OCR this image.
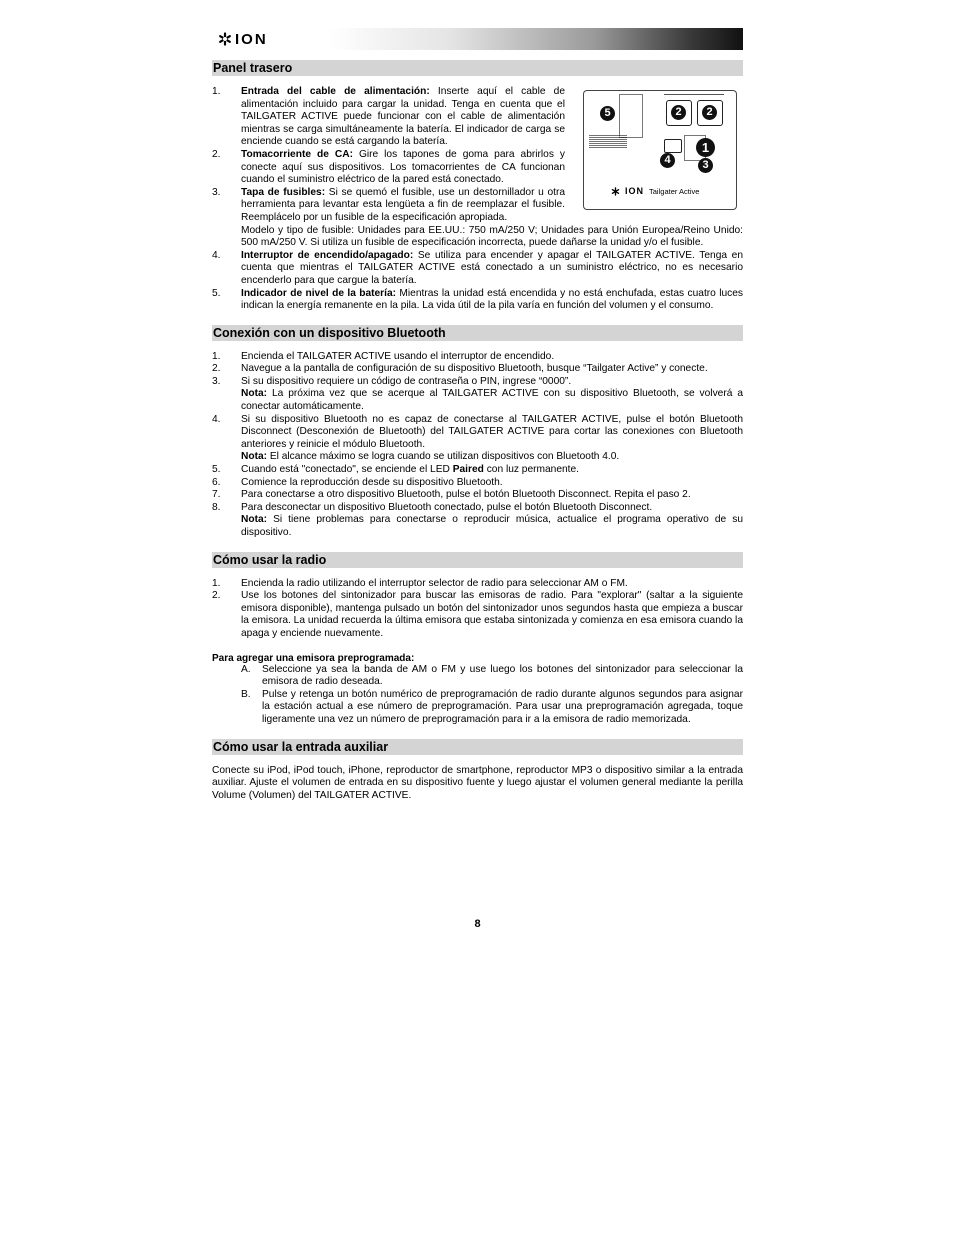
ION
Panel trasero
5	2	2
4
1
3
ION Tailgater Active
1. Entrada del cable de alimentación: Inserte aquí el cable de alimentación incluido para cargar la unidad. Tenga en cuenta que el TAILGATER ACTIVE puede funcionar con el cable de alimentación mientras se carga simultáneamente la batería. El indicador de carga se enciende cuando se está cargando la batería.
2. Tomacorriente de CA: Gire los tapones de goma para abrirlos y conecte aquí sus dispositivos. Los tomacorrientes de CA funcionan cuando el suministro eléctrico de la pared está conectado.
3. Tapa de fusibles: Si se quemó el fusible, use un destornillador u otra herramienta para levantar esta lengüeta a fin de reemplazar el fusible. Reemplácelo por un fusible de la especificación apropiada.

Modelo y tipo de fusible: Unidades para EE.UU.: 750 mA/250 V; Unidades para Unión Europea/Reino Unido: 500 mA/250 V. Si utiliza un fusible de especificación incorrecta, puede dañarse la unidad y/o el fusible.

4. Interruptor de encendido/apagado: Se utiliza para encender y apagar el TAILGATER ACTIVE. Tenga en cuenta que mientras el TAILGATER ACTIVE está conectado a un suministro eléctrico, no es necesario encenderlo para que cargue la batería.
5. Indicador de nivel de la batería: Mientras la unidad está encendida y no está enchufada, estas cuatro luces indican la energía remanente en la pila. La vida útil de la pila varía en función del volumen y el consumo.
Conexión con un dispositivo Bluetooth
1. Encienda el TAILGATER ACTIVE usando el interruptor de encendido.
2. Navegue a la pantalla de configuración de su dispositivo Bluetooth, busque “Tailgater Active” y conecte.
3. Si su dispositivo requiere un código de contraseña o PIN, ingrese “0000”.

Nota: La próxima vez que se acerque al TAILGATER ACTIVE con su dispositivo Bluetooth, se volverá a conectar automáticamente.

4. Si su dispositivo Bluetooth no es capaz de conectarse al TAILGATER ACTIVE, pulse el botón Bluetooth Disconnect (Desconexión de Bluetooth) del TAILGATER ACTIVE para cortar las conexiones con Bluetooth anteriores y reinicie el módulo Bluetooth.

Nota: El alcance máximo se logra cuando se utilizan dispositivos con Bluetooth 4.0.

5. Cuando está "conectado", se enciende el LED Paired con luz permanente.
6. Comience la reproducción desde su dispositivo Bluetooth.
7. Para conectarse a otro dispositivo Bluetooth, pulse el botón Bluetooth Disconnect. Repita el paso 2.
8. Para desconectar un dispositivo Bluetooth conectado, pulse el botón Bluetooth Disconnect.

Nota: Si tiene problemas para conectarse o reproducir música, actualice el programa operativo de su dispositivo.

Cómo usar la radio
1. Encienda la radio utilizando el interruptor selector de radio para seleccionar AM o FM.
2. Use los botones del sintonizador para buscar las emisoras de radio. Para "explorar" (saltar a la siguiente emisora disponible), mantenga pulsado un botón del sintonizador unos segundos hasta que empieza a buscar la emisora. La unidad recuerda la última emisora que estaba sintonizada y comienza en esa emisora cuando la apaga y enciende nuevamente.
Para agregar una emisora preprogramada:
A. Seleccione ya sea la banda de AM o FM y use luego los botones del sintonizador para seleccionar la emisora de radio deseada.
B. Pulse y retenga un botón numérico de preprogramación de radio durante algunos segundos para asignar la estación actual a ese número de preprogramación. Para usar una preprogramación agregada, toque ligeramente una vez un número de preprogramación para ir a la emisora de radio memorizada.
Cómo usar la entrada auxiliar

Conecte su iPod, iPod touch, iPhone, reproductor de smartphone, reproductor MP3 o dispositivo similar a la entrada auxiliar. Ajuste el volumen de entrada en su dispositivo fuente y luego ajustar el volumen general mediante la perilla Volume (Volumen) del TAILGATER ACTIVE.

8
